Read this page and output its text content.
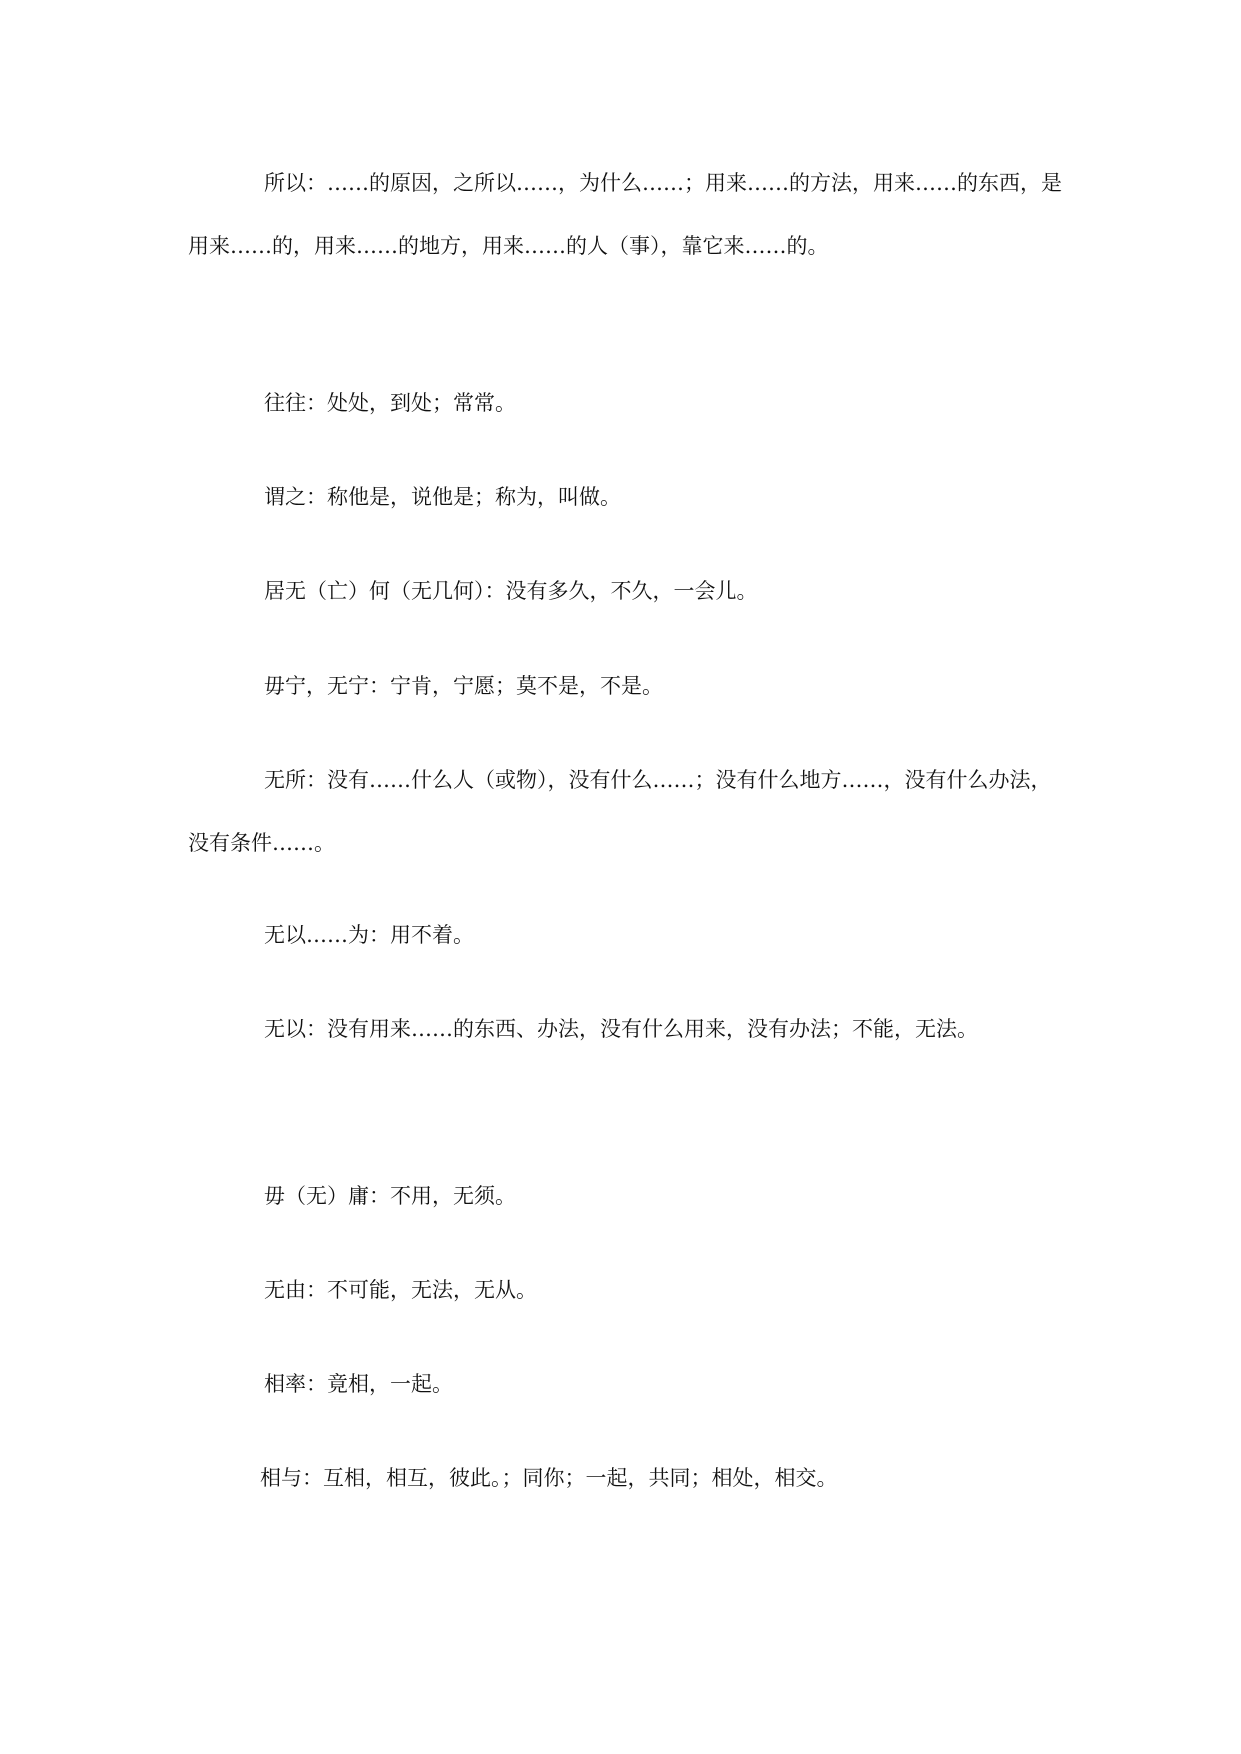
所以：……的原因，之所以……，为什么……；用来……的方法，用来……的东西，是用来……的，用来……的地方，用来……的人（事），靠它来……的。

往往：处处，到处；常常。

谓之：称他是，说他是；称为，叫做。

居无（亡）何（无几何）：没有多久，不久，一会儿。

毋宁，无宁：宁肯，宁愿；莫不是，不是。

无所：没有……什么人（或物），没有什么……；没有什么地方……，没有什么办法，没有条件……。

无以……为：用不着。

无以：没有用来……的东西、办法，没有什么用来，没有办法；不能，无法。

毋（无）庸：不用，无须。

无由：不可能，无法，无从。

相率：竟相，一起。

相与：互相，相互，彼此。；同你；一起，共同；相处，相交。
